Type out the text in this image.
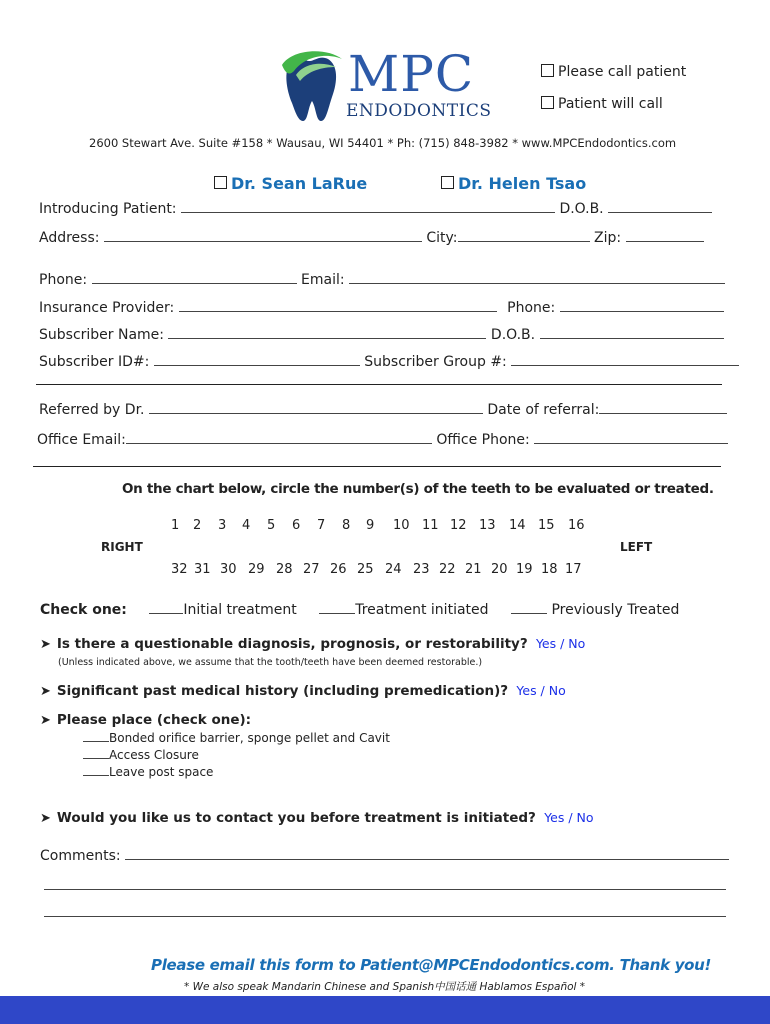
MPC
ENDODONTICS
Please call patient
Patient will call
2600 Stewart Ave. Suite #158 * Wausau, WI 54401 * Ph: (715) 848-3982 * www.MPCEndodontics.com
Dr. Sean LaRue	Dr. Helen Tsao
Introducing Patient:	D.O.B.
Address:	City:	Zip:
Phone:	Email:
Insurance Provider:	Phone:
Subscriber Name:	D.O.B.
Subscriber ID#:	Subscriber Group #:
Referred by Dr.	Date of referral:
Office Email:	Office Phone:
On the chart below, circle the number(s) of the teeth to be evaluated or treated.
1 2 3 4 5 6 7 8 9 10 11 12 13 14 15 16
RIGHT	LEFT
32 31 30 29 28 27 26 25 24 23 22 21 20 19 18 17
Check one:	Initial treatment	Treatment initiated	Previously Treated
➤ Is there a questionable diagnosis, prognosis, or restorability? Yes / No
(Unless indicated above, we assume that the tooth/teeth have been deemed restorable.)
➤ Significant past medical history (including premedication)? Yes / No
➤ Please place (check one):
Bonded orifice barrier, sponge pellet and Cavit
Access Closure
Leave post space
➤ Would you like us to contact you before treatment is initiated? Yes / No
Comments:
Please email this form to Patient@MPCEndodontics.com. Thank you!
* We also speak Mandarin Chinese and Spanish中国话通 Hablamos Español *
